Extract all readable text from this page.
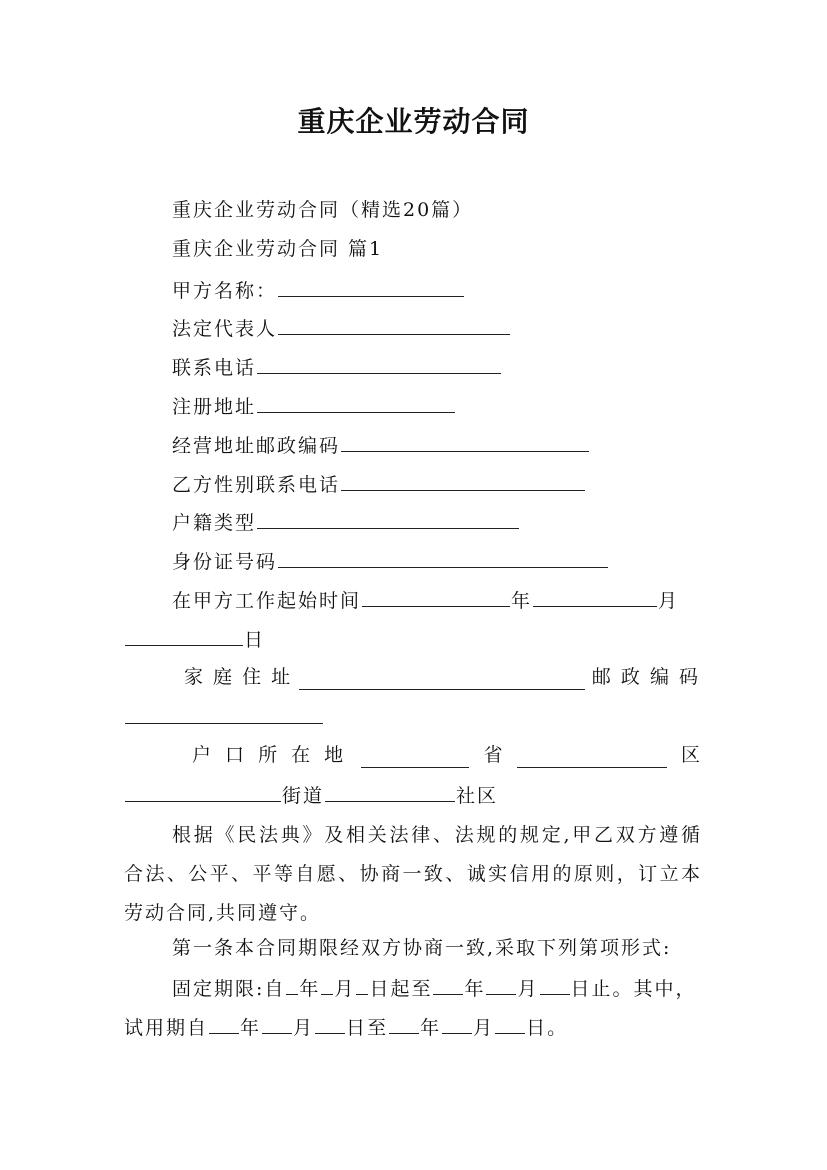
重庆企业劳动合同
重庆企业劳动合同（精选20篇）
重庆企业劳动合同 篇1
甲方名称：
法定代表人
联系电话
注册地址
经营地址邮政编码
乙方性别联系电话
户籍类型
身份证号码
在甲方工作起始时间	年	月
日
家 庭 住 址	邮 政 编 码
户 口 所 在 地	省	区
街道	社区
根据《民法典》及相关法律、法规的规定,甲乙双方遵循合法、公平、平等自愿、协商一致、诚实信用的原则，订立本劳动合同,共同遵守。
第一条本合同期限经双方协商一致,采取下列第项形式:
固定期限:自 年 月 日起至 年 月 日止。其中，
试用期自 年 月 日至 年 月 日。
